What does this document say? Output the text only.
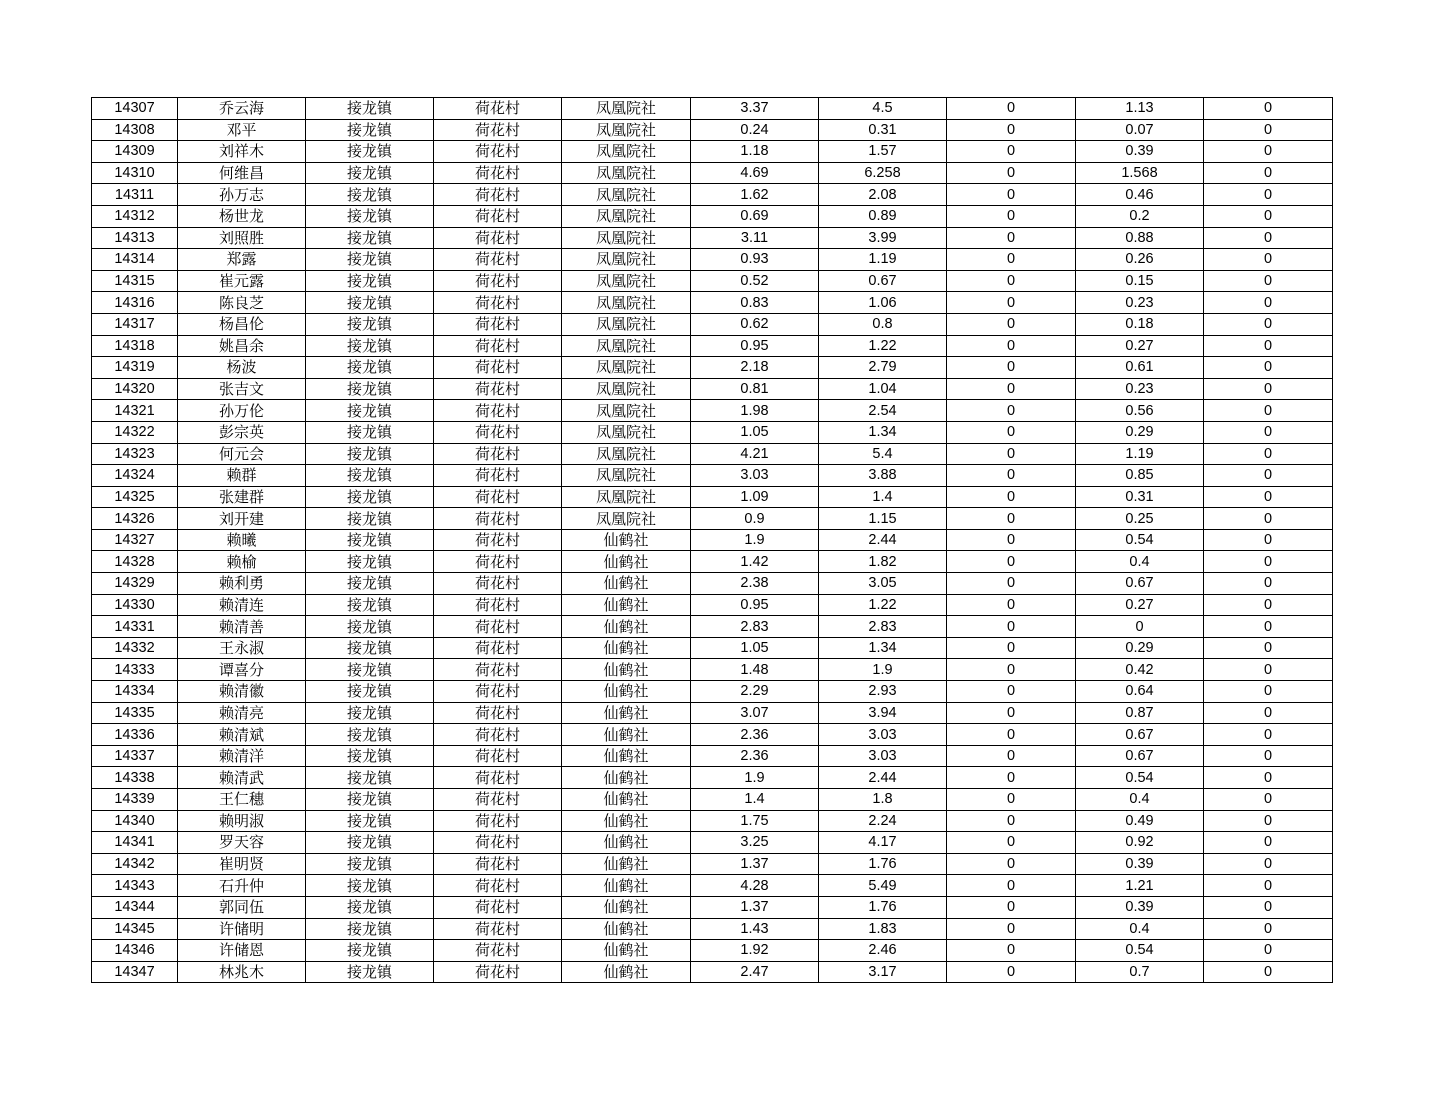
14307	乔云海	接龙镇	荷花村	凤凰院社	3.37	4.5	0	1.13	0
14308	邓平	接龙镇	荷花村	凤凰院社	0.24	0.31	0	0.07	0
14309	刘祥木	接龙镇	荷花村	凤凰院社	1.18	1.57	0	0.39	0
14310	何维昌	接龙镇	荷花村	凤凰院社	4.69	6.258	0	1.568	0
14311	孙万志	接龙镇	荷花村	凤凰院社	1.62	2.08	0	0.46	0
14312	杨世龙	接龙镇	荷花村	凤凰院社	0.69	0.89	0	0.2	0
14313	刘照胜	接龙镇	荷花村	凤凰院社	3.11	3.99	0	0.88	0
14314	郑露	接龙镇	荷花村	凤凰院社	0.93	1.19	0	0.26	0
14315	崔元露	接龙镇	荷花村	凤凰院社	0.52	0.67	0	0.15	0
14316	陈良芝	接龙镇	荷花村	凤凰院社	0.83	1.06	0	0.23	0
14317	杨昌伦	接龙镇	荷花村	凤凰院社	0.62	0.8	0	0.18	0
14318	姚昌余	接龙镇	荷花村	凤凰院社	0.95	1.22	0	0.27	0
14319	杨波	接龙镇	荷花村	凤凰院社	2.18	2.79	0	0.61	0
14320	张吉文	接龙镇	荷花村	凤凰院社	0.81	1.04	0	0.23	0
14321	孙万伦	接龙镇	荷花村	凤凰院社	1.98	2.54	0	0.56	0
14322	彭宗英	接龙镇	荷花村	凤凰院社	1.05	1.34	0	0.29	0
14323	何元会	接龙镇	荷花村	凤凰院社	4.21	5.4	0	1.19	0
14324	赖群	接龙镇	荷花村	凤凰院社	3.03	3.88	0	0.85	0
14325	张建群	接龙镇	荷花村	凤凰院社	1.09	1.4	0	0.31	0
14326	刘开建	接龙镇	荷花村	凤凰院社	0.9	1.15	0	0.25	0
14327	赖曦	接龙镇	荷花村	仙鹤社	1.9	2.44	0	0.54	0
14328	赖榆	接龙镇	荷花村	仙鹤社	1.42	1.82	0	0.4	0
14329	赖利勇	接龙镇	荷花村	仙鹤社	2.38	3.05	0	0.67	0
14330	赖清连	接龙镇	荷花村	仙鹤社	0.95	1.22	0	0.27	0
14331	赖清善	接龙镇	荷花村	仙鹤社	2.83	2.83	0	0	0
14332	王永淑	接龙镇	荷花村	仙鹤社	1.05	1.34	0	0.29	0
14333	谭喜分	接龙镇	荷花村	仙鹤社	1.48	1.9	0	0.42	0
14334	赖清徽	接龙镇	荷花村	仙鹤社	2.29	2.93	0	0.64	0
14335	赖清亮	接龙镇	荷花村	仙鹤社	3.07	3.94	0	0.87	0
14336	赖清斌	接龙镇	荷花村	仙鹤社	2.36	3.03	0	0.67	0
14337	赖清洋	接龙镇	荷花村	仙鹤社	2.36	3.03	0	0.67	0
14338	赖清武	接龙镇	荷花村	仙鹤社	1.9	2.44	0	0.54	0
14339	王仁穗	接龙镇	荷花村	仙鹤社	1.4	1.8	0	0.4	0
14340	赖明淑	接龙镇	荷花村	仙鹤社	1.75	2.24	0	0.49	0
14341	罗天容	接龙镇	荷花村	仙鹤社	3.25	4.17	0	0.92	0
14342	崔明贤	接龙镇	荷花村	仙鹤社	1.37	1.76	0	0.39	0
14343	石升仲	接龙镇	荷花村	仙鹤社	4.28	5.49	0	1.21	0
14344	郭同伍	接龙镇	荷花村	仙鹤社	1.37	1.76	0	0.39	0
14345	许储明	接龙镇	荷花村	仙鹤社	1.43	1.83	0	0.4	0
14346	许储恩	接龙镇	荷花村	仙鹤社	1.92	2.46	0	0.54	0
14347	林兆木	接龙镇	荷花村	仙鹤社	2.47	3.17	0	0.7	0
